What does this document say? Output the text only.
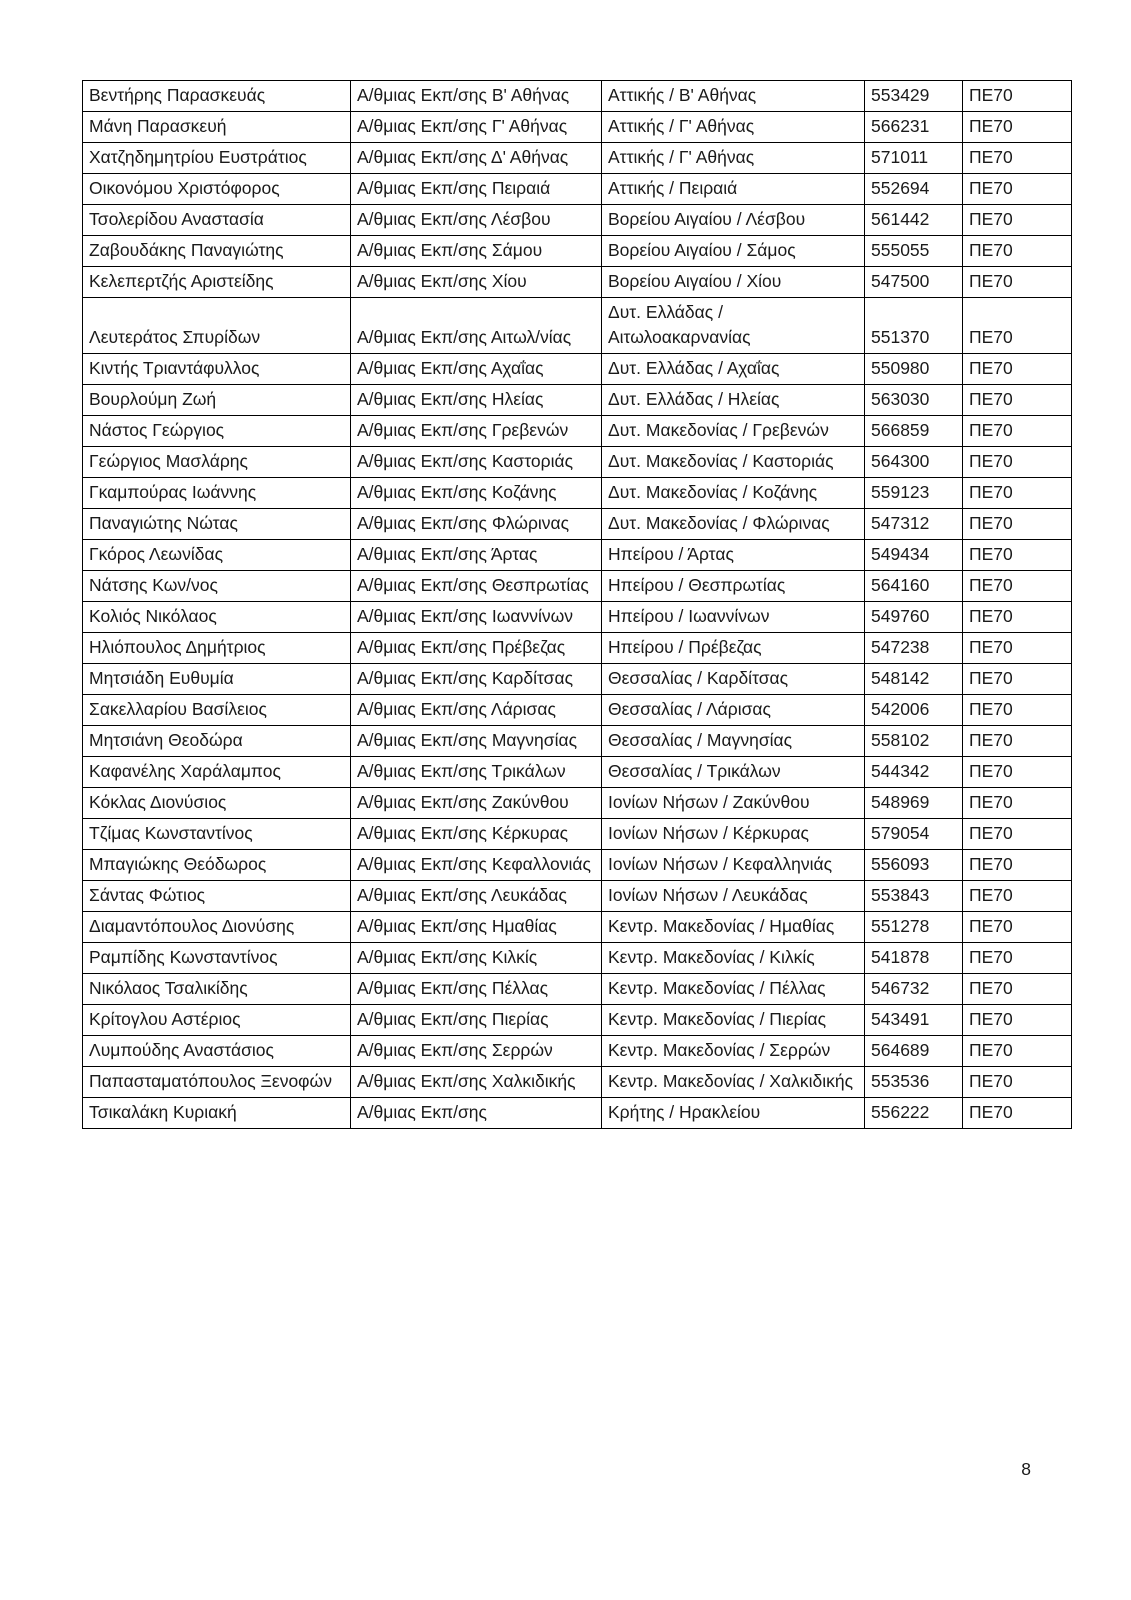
Βεντήρης Παρασκευάς	Α/θμιας Εκπ/σης Β' Αθήνας	Αττικής / Β' Αθήνας	553429	ΠΕ70
Μάνη Παρασκευή	Α/θμιας Εκπ/σης Γ' Αθήνας	Αττικής / Γ' Αθήνας	566231	ΠΕ70
Χατζηδημητρίου Ευστράτιος	Α/θμιας Εκπ/σης Δ' Αθήνας	Αττικής / Γ' Αθήνας	571011	ΠΕ70
Οικονόμου Χριστόφορος	Α/θμιας Εκπ/σης Πειραιά	Αττικής / Πειραιά	552694	ΠΕ70
Τσολερίδου Αναστασία	Α/θμιας Εκπ/σης Λέσβου	Βορείου Αιγαίου / Λέσβου	561442	ΠΕ70
Ζαβουδάκης Παναγιώτης	Α/θμιας Εκπ/σης Σάμου	Βορείου Αιγαίου / Σάμος	555055	ΠΕ70
Κελεπερτζής Αριστείδης	Α/θμιας Εκπ/σης Χίου	Βορείου Αιγαίου / Χίου	547500	ΠΕ70
Λευτεράτος Σπυρίδων	Α/θμιας Εκπ/σης Αιτωλ/νίας	Δυτ. Ελλάδας / Αιτωλοακαρνανίας	551370	ΠΕ70
Κιντής Τριαντάφυλλος	Α/θμιας Εκπ/σης Αχαΐας	Δυτ. Ελλάδας / Αχαΐας	550980	ΠΕ70
Βουρλούμη Ζωή	Α/θμιας Εκπ/σης Ηλείας	Δυτ. Ελλάδας / Ηλείας	563030	ΠΕ70
Νάστος Γεώργιος	Α/θμιας Εκπ/σης Γρεβενών	Δυτ. Μακεδονίας / Γρεβενών	566859	ΠΕ70
Γεώργιος Μασλάρης	Α/θμιας Εκπ/σης Καστοριάς	Δυτ. Μακεδονίας / Καστοριάς	564300	ΠΕ70
Γκαμπούρας Ιωάννης	Α/θμιας Εκπ/σης Κοζάνης	Δυτ. Μακεδονίας / Κοζάνης	559123	ΠΕ70
Παναγιώτης Νώτας	Α/θμιας Εκπ/σης Φλώρινας	Δυτ. Μακεδονίας / Φλώρινας	547312	ΠΕ70
Γκόρος Λεωνίδας	Α/θμιας Εκπ/σης Άρτας	Ηπείρου / Άρτας	549434	ΠΕ70
Νάτσης Κων/νος	Α/θμιας Εκπ/σης Θεσπρωτίας	Ηπείρου / Θεσπρωτίας	564160	ΠΕ70
Κολιός Νικόλαος	Α/θμιας Εκπ/σης Ιωαννίνων	Ηπείρου / Ιωαννίνων	549760	ΠΕ70
Ηλιόπουλος Δημήτριος	Α/θμιας Εκπ/σης Πρέβεζας	Ηπείρου / Πρέβεζας	547238	ΠΕ70
Μητσιάδη Ευθυμία	Α/θμιας Εκπ/σης Καρδίτσας	Θεσσαλίας / Καρδίτσας	548142	ΠΕ70
Σακελλαρίου Βασίλειος	Α/θμιας Εκπ/σης Λάρισας	Θεσσαλίας / Λάρισας	542006	ΠΕ70
Μητσιάνη Θεοδώρα	Α/θμιας Εκπ/σης Μαγνησίας	Θεσσαλίας / Μαγνησίας	558102	ΠΕ70
Καφανέλης Χαράλαμπος	Α/θμιας Εκπ/σης Τρικάλων	Θεσσαλίας / Τρικάλων	544342	ΠΕ70
Κόκλας Διονύσιος	Α/θμιας Εκπ/σης Ζακύνθου	Ιονίων Νήσων / Ζακύνθου	548969	ΠΕ70
Τζίμας Κωνσταντίνος	Α/θμιας Εκπ/σης Κέρκυρας	Ιονίων Νήσων / Κέρκυρας	579054	ΠΕ70
Μπαγιώκης Θεόδωρος	Α/θμιας Εκπ/σης Κεφαλλονιάς	Ιονίων Νήσων / Κεφαλληνιάς	556093	ΠΕ70
Σάντας Φώτιος	Α/θμιας Εκπ/σης Λευκάδας	Ιονίων Νήσων / Λευκάδας	553843	ΠΕ70
Διαμαντόπουλος Διονύσης	Α/θμιας Εκπ/σης Ημαθίας	Κεντρ. Μακεδονίας / Ημαθίας	551278	ΠΕ70
Ραμπίδης Κωνσταντίνος	Α/θμιας Εκπ/σης Κιλκίς	Κεντρ. Μακεδονίας / Κιλκίς	541878	ΠΕ70
Νικόλαος Τσαλικίδης	Α/θμιας Εκπ/σης Πέλλας	Κεντρ. Μακεδονίας / Πέλλας	546732	ΠΕ70
Κρίτογλου Αστέριος	Α/θμιας Εκπ/σης Πιερίας	Κεντρ. Μακεδονίας / Πιερίας	543491	ΠΕ70
Λυμπούδης Αναστάσιος	Α/θμιας Εκπ/σης Σερρών	Κεντρ. Μακεδονίας / Σερρών	564689	ΠΕ70
Παπασταματόπουλος Ξενοφών	Α/θμιας Εκπ/σης Χαλκιδικής	Κεντρ. Μακεδονίας / Χαλκιδικής	553536	ΠΕ70
Τσικαλάκη Κυριακή	Α/θμιας Εκπ/σης	Κρήτης / Ηρακλείου	556222	ΠΕ70
8
